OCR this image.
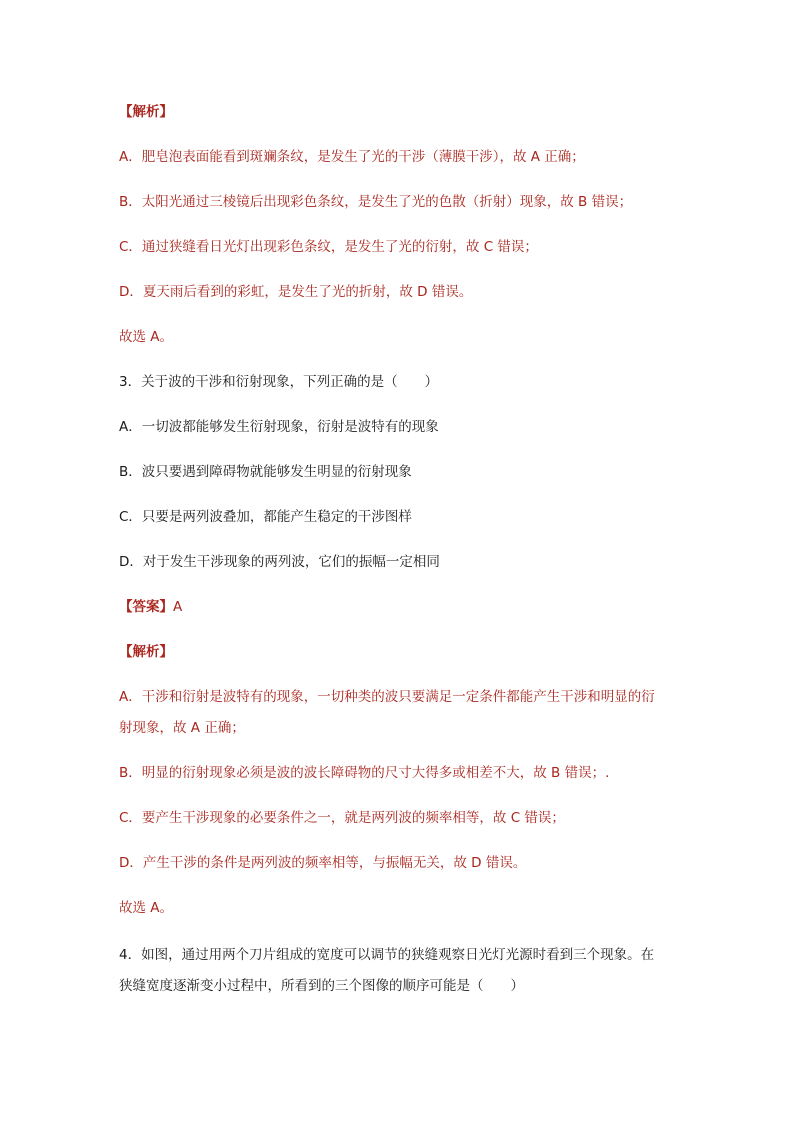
【解析】
A．肥皂泡表面能看到斑斓条纹，是发生了光的干涉（薄膜干涉），故 A 正确；
B．太阳光通过三棱镜后出现彩色条纹，是发生了光的色散（折射）现象，故 B 错误；
C．通过狭缝看日光灯出现彩色条纹，是发生了光的衍射，故 C 错误；
D．夏天雨后看到的彩虹，是发生了光的折射，故 D 错误。
故选 A。
3．关于波的干涉和衍射现象，下列正确的是（　　）
A．一切波都能够发生衍射现象，衍射是波特有的现象
B．波只要遇到障碍物就能够发生明显的衍射现象
C．只要是两列波叠加，都能产生稳定的干涉图样
D．对于发生干涉现象的两列波，它们的振幅一定相同
【答案】A
【解析】
A．干涉和衍射是波特有的现象，一切种类的波只要满足一定条件都能产生干涉和明显的衍
射现象，故 A 正确；
B．明显的衍射现象必须是波的波长障碍物的尺寸大得多或相差不大，故 B 错误；.
C．要产生干涉现象的必要条件之一，就是两列波的频率相等，故 C 错误；
D．产生干涉的条件是两列波的频率相等，与振幅无关，故 D 错误。
故选 A。
4．如图，通过用两个刀片组成的宽度可以调节的狭缝观察日光灯光源时看到三个现象。在
狭缝宽度逐渐变小过程中，所看到的三个图像的顺序可能是（　　）
